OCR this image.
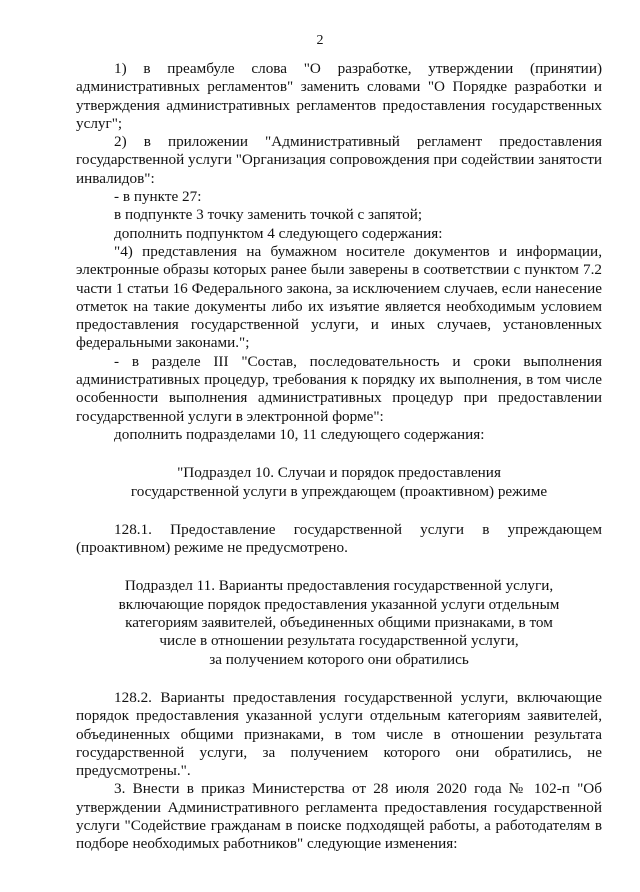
2

1) в преамбуле слова "О разработке, утверждении (принятии) административных регламентов" заменить словами "О Порядке разработки и утверждения административных регламентов предоставления государственных услуг";

2) в приложении "Административный регламент предоставления государственной услуги "Организация сопровождения при содействии занятости инвалидов":

- в пункте 27:

в подпункте 3 точку заменить точкой с запятой;

дополнить подпунктом 4 следующего содержания:

"4) представления на бумажном носителе документов и информации, электронные образы которых ранее были заверены в соответствии с пунктом 7.2 части 1 статьи 16 Федерального закона, за исключением случаев, если нанесение отметок на такие документы либо их изъятие является необходимым условием предоставления государственной услуги, и иных случаев, установленных федеральными законами.";

- в разделе III "Состав, последовательность и сроки выполнения административных процедур, требования к порядку их выполнения, в том числе особенности выполнения административных процедур при предоставлении государственной услуги в электронной форме":

дополнить подразделами 10, 11 следующего содержания:

"Подраздел 10. Случаи и порядок предоставления
государственной услуги в упреждающем (проактивном) режиме

128.1. Предоставление государственной услуги в упреждающем (проактивном) режиме не предусмотрено.

Подраздел 11. Варианты предоставления государственной услуги,
включающие порядок предоставления указанной услуги отдельным
категориям заявителей, объединенных общими признаками, в том
числе в отношении результата государственной услуги,
за получением которого они обратились

128.2. Варианты предоставления государственной услуги, включающие порядок предоставления указанной услуги отдельным категориям заявителей, объединенных общими признаками, в том числе в отношении результата государственной услуги, за получением которого они обратились, не предусмотрены.".

3. Внести в приказ Министерства от 28 июля 2020 года № 102-п "Об утверждении Административного регламента предоставления государственной услуги "Содействие гражданам в поиске подходящей работы, а работодателям в подборе необходимых работников" следующие изменения:
